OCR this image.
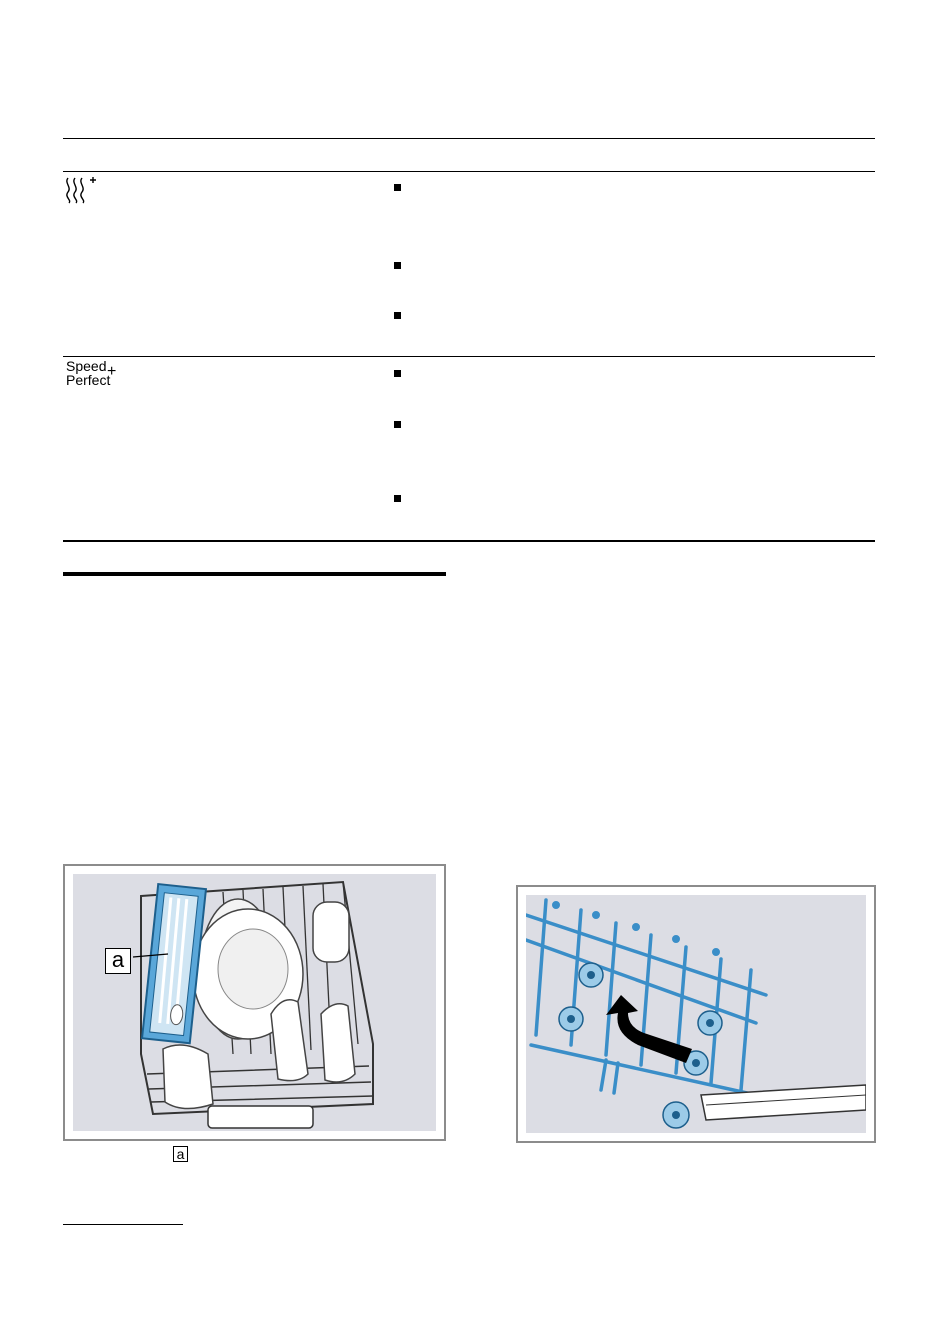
Speed
Perfect
+
a
a
